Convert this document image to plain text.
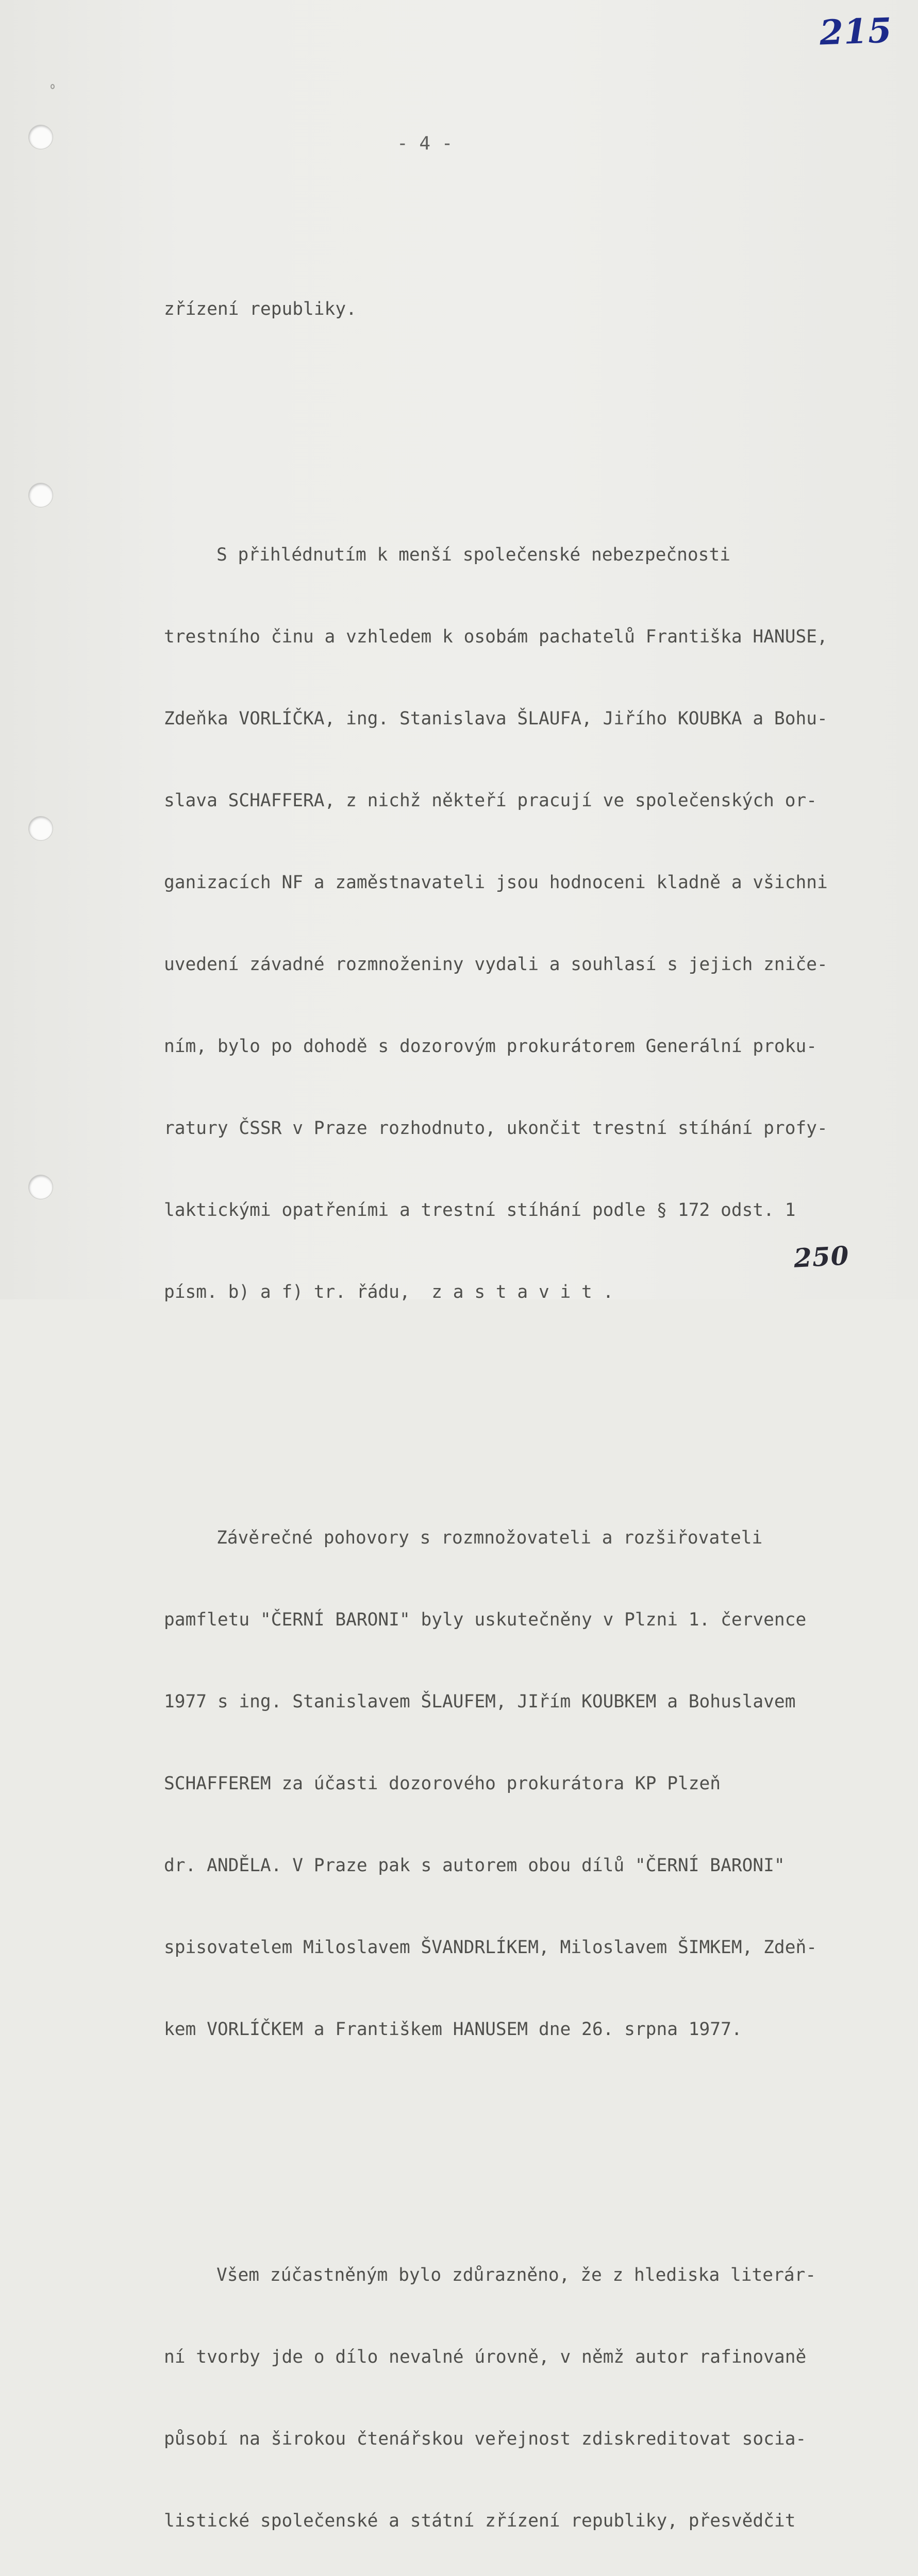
215
- 4 -

zřízení republiky.

S přihlédnutím k menší společenské nebezpečnosti

trestního činu a vzhledem k osobám pachatelů Františka HANUSE,

Zdeňka VORLÍČKA, ing. Stanislava ŠLAUFA, Jiřího KOUBKA a Bohu-

slava SCHAFFERA, z nichž někteří pracují ve společenských or-

ganizacích NF a zaměstnavateli jsou hodnoceni kladně a všichni

uvedení závadné rozmnoženiny vydali a souhlasí s jejich zniče-

ním, bylo po dohodě s dozorovým prokurátorem Generální proku-

ratury ČSSR v Praze rozhodnuto, ukončit trestní stíhání profy-

laktickými opatřeními a trestní stíhání podle § 172 odst. 1

písm. b) a f) tr. řádu,  z a s t a v i t .

Závěrečné pohovory s rozmnožovateli a rozšiřovateli

pamfletu "ČERNÍ BARONI" byly uskutečněny v Plzni 1. července

1977 s ing. Stanislavem ŠLAUFEM, JIřím KOUBKEM a Bohuslavem

SCHAFFEREM za účasti dozorového prokurátora KP Plzeň

dr. ANDĚLA. V Praze pak s autorem obou dílů "ČERNÍ BARONI"

spisovatelem Miloslavem ŠVANDRLÍKEM, Miloslavem ŠIMKEM, Zdeň-

kem VORLÍČKEM a Františkem HANUSEM dne 26. srpna 1977.

Všem zúčastněným bylo zdůrazněno, že z hlediska literár-

ní tvorby jde o dílo nevalné úrovně, v němž autor rafinovaně

působí na širokou čtenářskou veřejnost zdiskreditovat socia-

listické společenské a státní zřízení republiky, přesvědčit

250
